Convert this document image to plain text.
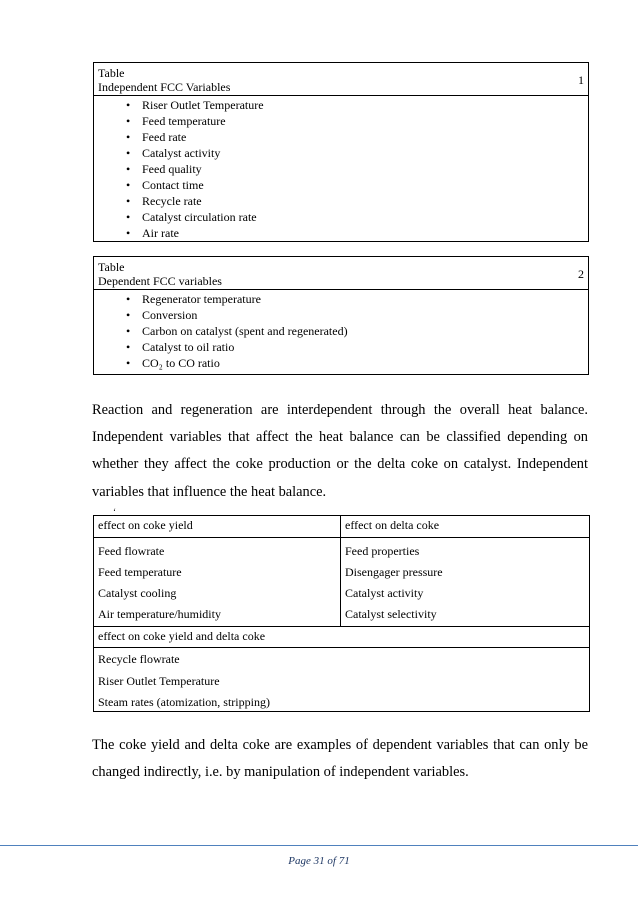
Table
Independent FCC Variables	1
• Riser Outlet Temperature
• Feed temperature
• Feed rate
• Catalyst activity
• Feed quality
• Contact time
• Recycle rate
• Catalyst circulation rate
• Air rate
Table
Dependent FCC variables	2
• Regenerator temperature
• Conversion
• Carbon on catalyst (spent and regenerated)
• Catalyst to oil ratio
• CO₂ to CO ratio

Reaction and regeneration are interdependent through the overall heat balance. Independent variables that affect the heat balance can be classified depending on whether they affect the coke production or the delta coke on catalyst. Independent variables that influence the heat balance.

‘
effect on coke yield	effect on delta coke
Feed flowrate	Feed properties
Feed temperature	Disengager pressure
Catalyst cooling	Catalyst activity
Air temperature/humidity	Catalyst selectivity
effect on coke yield and delta coke
Recycle flowrate
Riser Outlet Temperature
Steam rates (atomization, stripping)

The coke yield and delta coke are examples of dependent variables that can only be changed indirectly, i.e. by manipulation of independent variables.

Page 31 of 71
